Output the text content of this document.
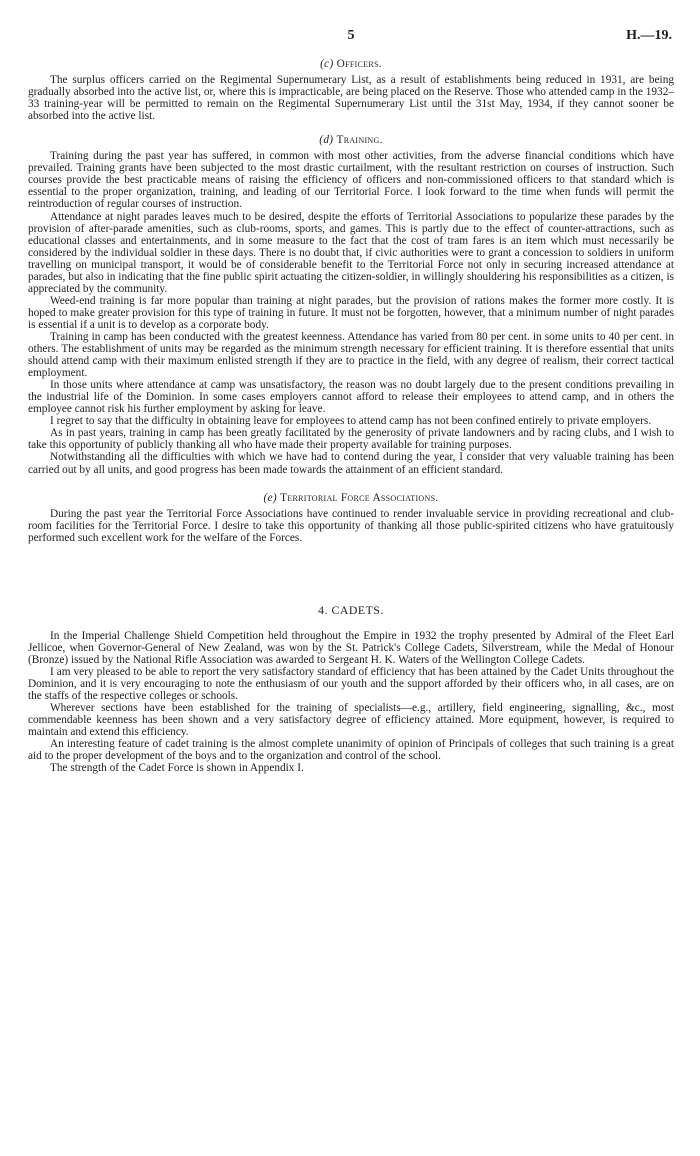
5	H.—19.
(c) Officers.

The surplus officers carried on the Regimental Supernumerary List, as a result of establishments being reduced in 1931, are being gradually absorbed into the active list, or, where this is impracticable, are being placed on the Reserve. Those who attended camp in the 1932–33 training-year will be permitted to remain on the Regimental Supernumerary List until the 31st May, 1934, if they cannot sooner be absorbed into the active list.

(d) Training.

Training during the past year has suffered, in common with most other activities, from the adverse financial conditions which have prevailed. Training grants have been subjected to the most drastic curtailment, with the resultant restriction on courses of instruction. Such courses provide the best practicable means of raising the efficiency of officers and non-commissioned officers to that standard which is essential to the proper organization, training, and leading of our Territorial Force. I look forward to the time when funds will permit the reintroduction of regular courses of instruction.

Attendance at night parades leaves much to be desired, despite the efforts of Territorial Associations to popularize these parades by the provision of after-parade amenities, such as club-rooms, sports, and games. This is partly due to the effect of counter-attractions, such as educational classes and entertainments, and in some measure to the fact that the cost of tram fares is an item which must necessarily be considered by the individual soldier in these days. There is no doubt that, if civic authorities were to grant a concession to soldiers in uniform travelling on municipal transport, it would be of considerable benefit to the Territorial Force not only in securing increased attendance at parades, but also in indicating that the fine public spirit actuating the citizen-soldier, in willingly shouldering his responsibilities as a citizen, is appreciated by the community.

Weed-end training is far more popular than training at night parades, but the provision of rations makes the former more costly. It is hoped to make greater provision for this type of training in future. It must not be forgotten, however, that a minimum number of night parades is essential if a unit is to develop as a corporate body.

Training in camp has been conducted with the greatest keenness. Attendance has varied from 80 per cent. in some units to 40 per cent. in others. The establishment of units may be regarded as the minimum strength necessary for efficient training. It is therefore essential that units should attend camp with their maximum enlisted strength if they are to practice in the field, with any degree of realism, their correct tactical employment.

In those units where attendance at camp was unsatisfactory, the reason was no doubt largely due to the present conditions prevailing in the industrial life of the Dominion. In some cases employers cannot afford to release their employees to attend camp, and in others the employee cannot risk his further employment by asking for leave.

I regret to say that the difficulty in obtaining leave for employees to attend camp has not been confined entirely to private employers.

As in past years, training in camp has been greatly facilitated by the generosity of private landowners and by racing clubs, and I wish to take this opportunity of publicly thanking all who have made their property available for training purposes.

Notwithstanding all the difficulties with which we have had to contend during the year, I consider that very valuable training has been carried out by all units, and good progress has been made towards the attainment of an efficient standard.

(e) Territorial Force Associations.

During the past year the Territorial Force Associations have continued to render invaluable service in providing recreational and club-room facilities for the Territorial Force. I desire to take this opportunity of thanking all those public-spirited citizens who have gratuitously performed such excellent work for the welfare of the Forces.

4. CADETS.

In the Imperial Challenge Shield Competition held throughout the Empire in 1932 the trophy presented by Admiral of the Fleet Earl Jellicoe, when Governor-General of New Zealand, was won by the St. Patrick's College Cadets, Silverstream, while the Medal of Honour (Bronze) issued by the National Rifle Association was awarded to Sergeant H. K. Waters of the Wellington College Cadets.

I am very pleased to be able to report the very satisfactory standard of efficiency that has been attained by the Cadet Units throughout the Dominion, and it is very encouraging to note the enthusiasm of our youth and the support afforded by their officers who, in all cases, are on the staffs of the respective colleges or schools.

Wherever sections have been established for the training of specialists—e.g., artillery, field engineering, signalling, &c., most commendable keenness has been shown and a very satisfactory degree of efficiency attained. More equipment, however, is required to maintain and extend this efficiency.

An interesting feature of cadet training is the almost complete unanimity of opinion of Principals of colleges that such training is a great aid to the proper development of the boys and to the organization and control of the school.

The strength of the Cadet Force is shown in Appendix I.
